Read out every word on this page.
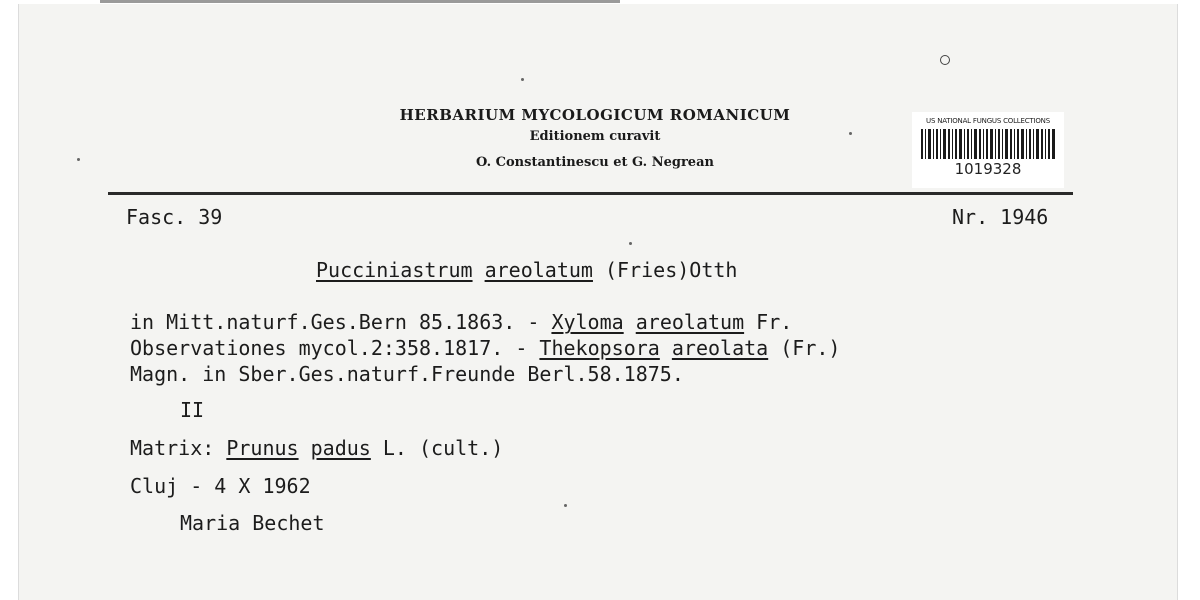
HERBARIUM MYCOLOGICUM ROMANICUM
Editionem curavit
O. Constantinescu et G. Negrean
US NATIONAL FUNGUS COLLECTIONS
1019328
Fasc. 39	Nr. 1946
Pucciniastrum areolatum (Fries)Otth
in Mitt.naturf.Ges.Bern 85.1863. - Xyloma areolatum Fr.
Observationes mycol.2:358.1817. - Thekopsora areolata (Fr.)
Magn. in Sber.Ges.naturf.Freunde Berl.58.1875.
II
Matrix: Prunus padus L. (cult.)
Cluj - 4 X 1962
Maria Bechet
